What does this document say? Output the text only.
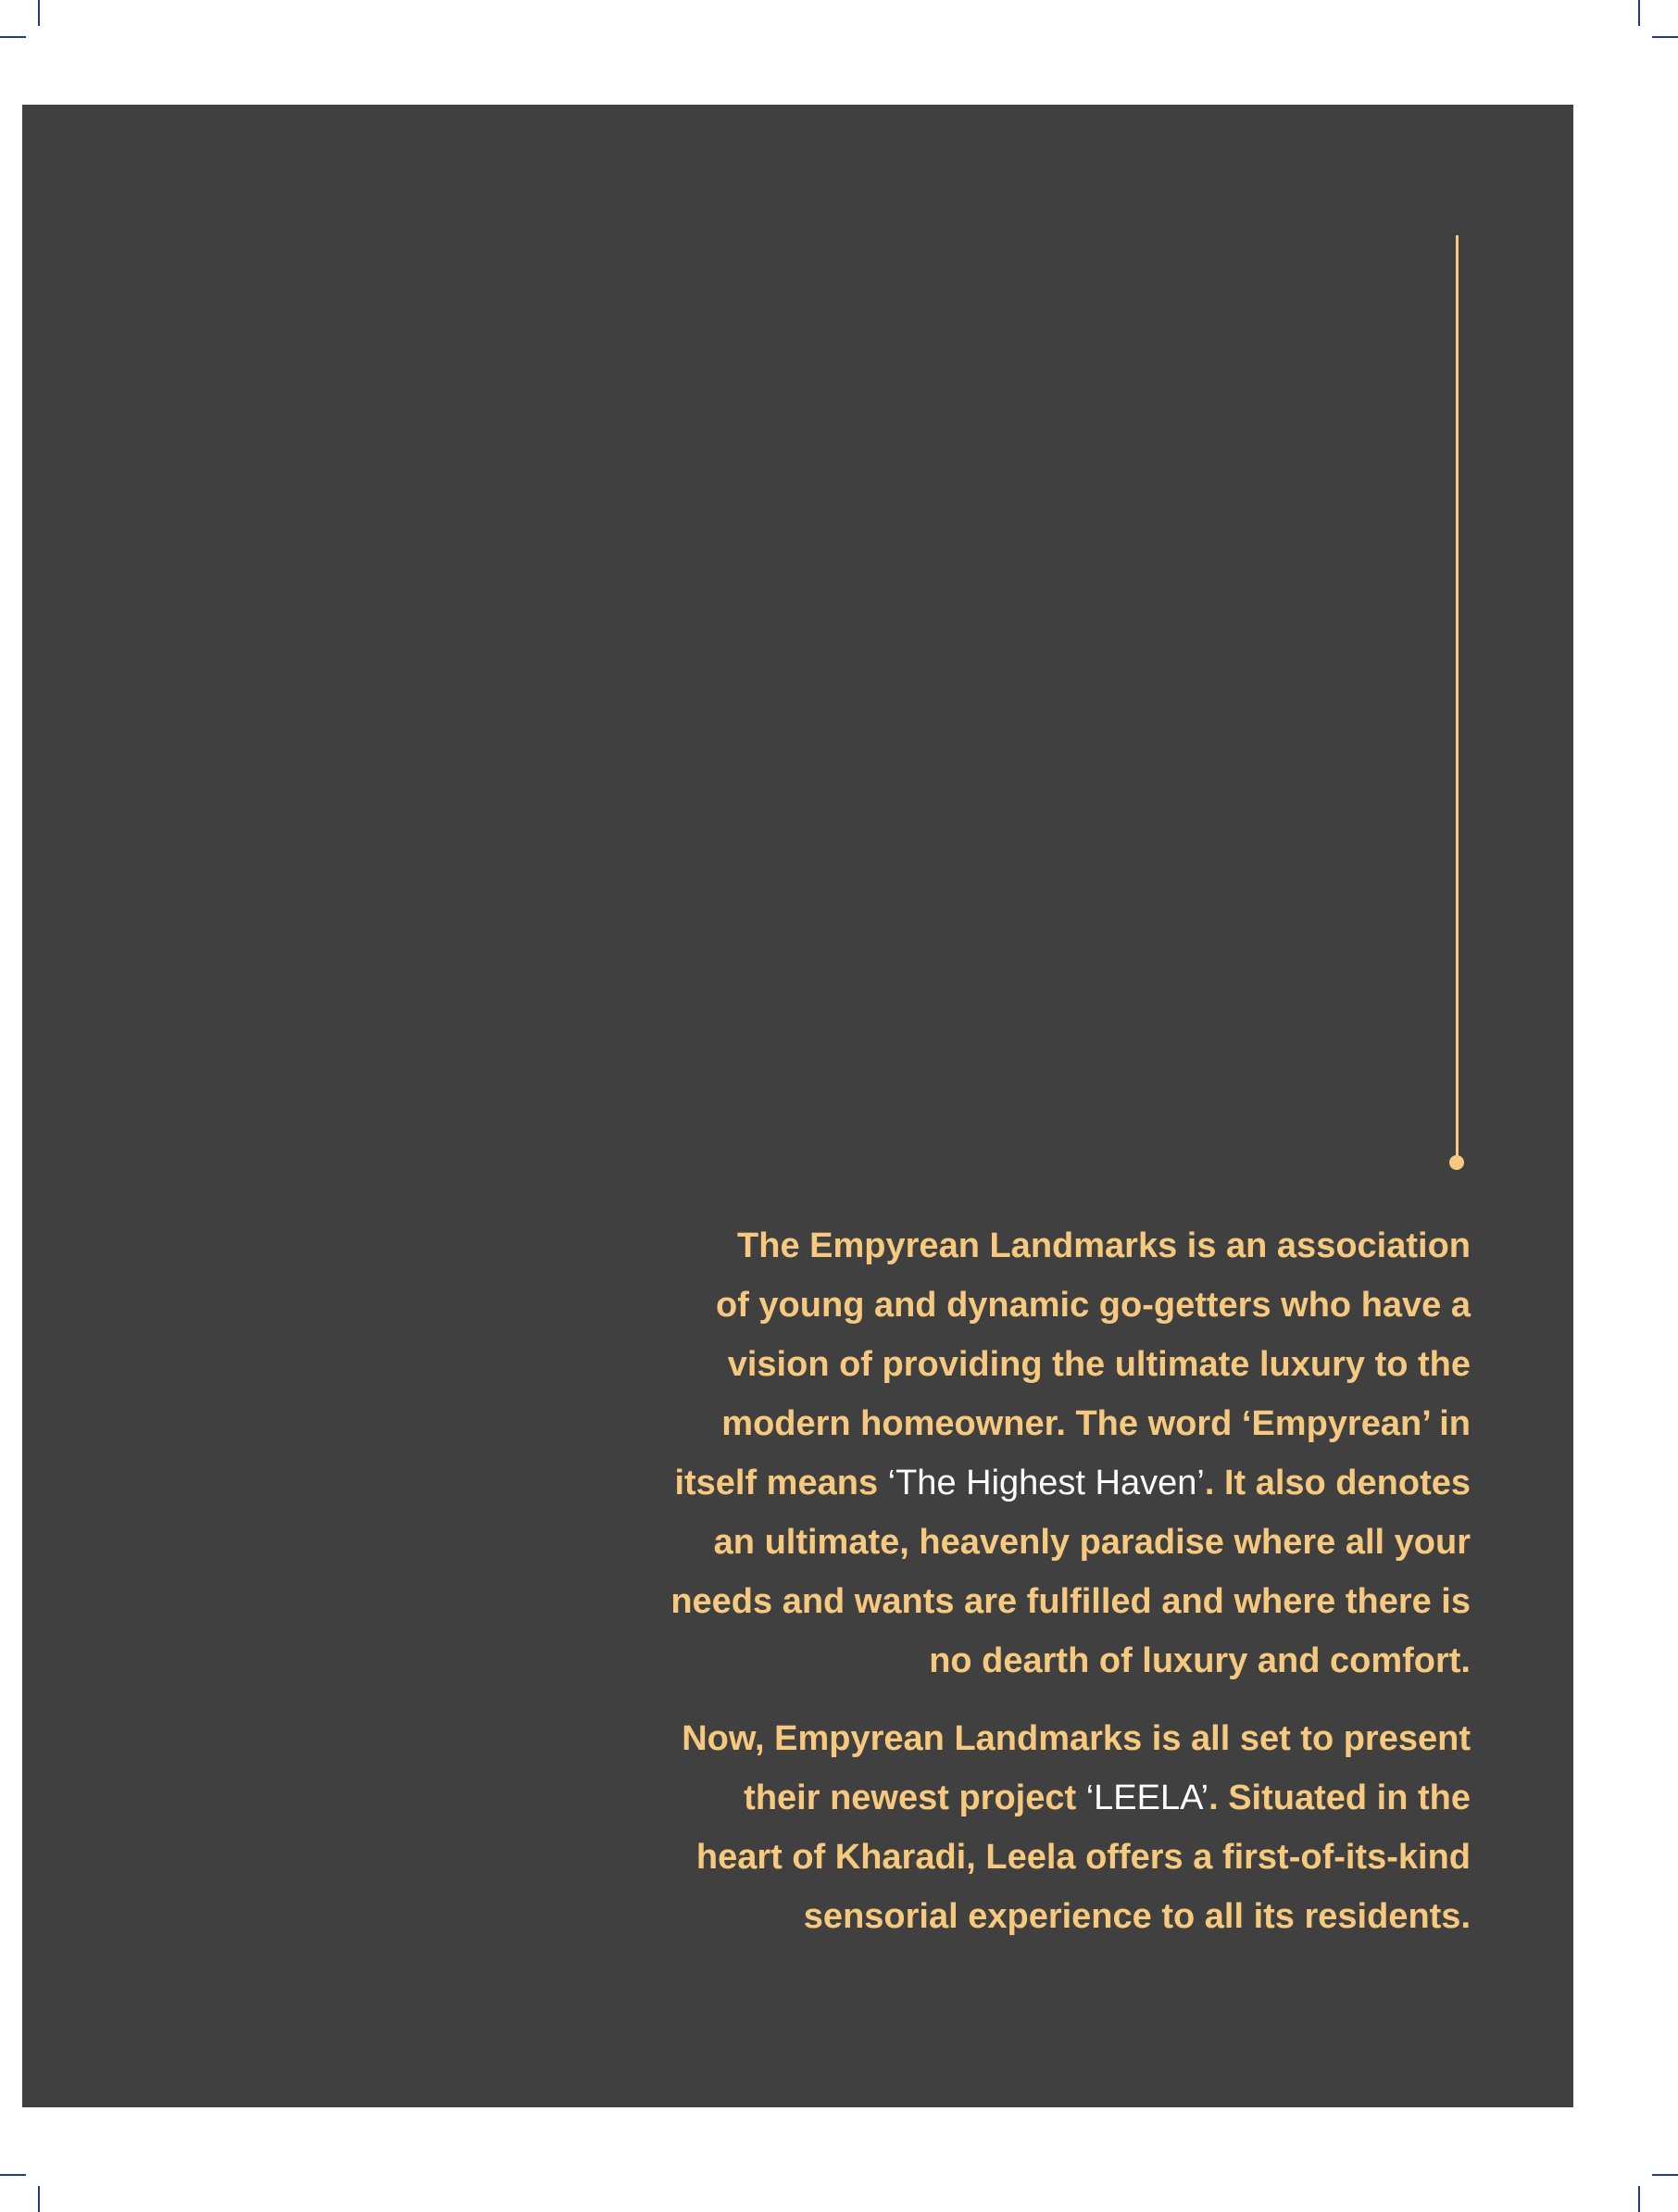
The Empyrean Landmarks is an association
of young and dynamic go-getters who have a
vision of providing the ultimate luxury to the
modern homeowner. The word ‘Empyrean’ in
itself means ‘The Highest Haven’. It also denotes
an ultimate, heavenly paradise where all your
needs and wants are fulfilled and where there is
no dearth of luxury and comfort.

Now, Empyrean Landmarks is all set to present
their newest project ‘LEELA’. Situated in the
heart of Kharadi, Leela offers a first-of-its-kind
sensorial experience to all its residents.
